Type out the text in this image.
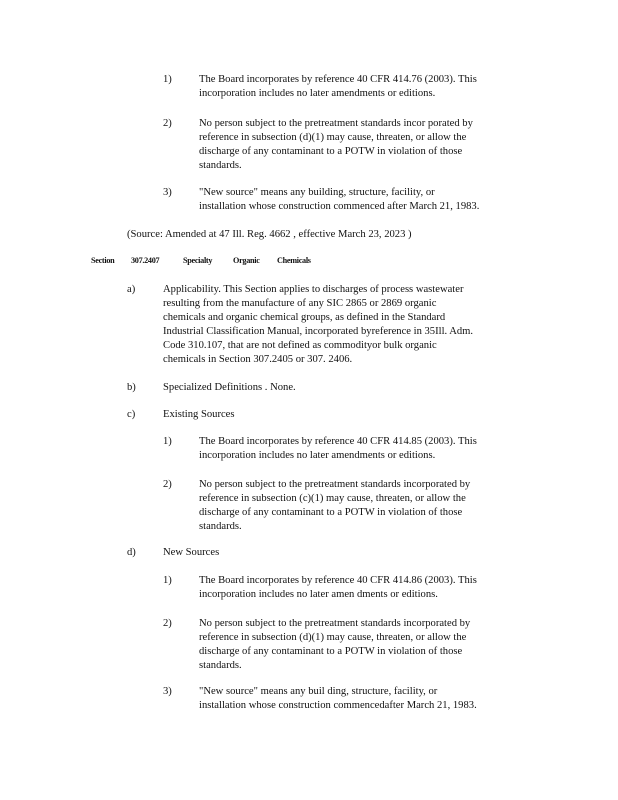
1)	The Board incorporates by reference 40 CFR 414.76 (2003). This
incorporation includes no later amendments or editions.
2)	No person subject to the pretreatment standards incor porated by
reference in subsection (d)(1) may cause, threaten, or allow the
discharge of any contaminant to a POTW in violation of those
standards.
3)	"New source" means any building, structure, facility, or
installation whose construction commenced after March 21, 1983.
(Source: Amended at 47 Ill. Reg. 4662 , effective March 23, 2023 )
Section 307.2407	Specialty	Organic Chemicals
a)	Applicability. This Section applies to discharges of process wastewater
resulting from the manufacture of any SIC 2865 or 2869 organic
chemicals and organic chemical groups, as defined in the Standard
Industrial Classification Manual, incorporated byreference in 35Ill. Adm.
Code 310.107, that are not defined as commodityor bulk organic
chemicals in Section 307.2405 or 307. 2406.
b)	Specialized Definitions . None.
c)	Existing Sources
1)	The Board incorporates by reference 40 CFR 414.85 (2003). This
incorporation includes no later amendments or editions.
2)	No person subject to the pretreatment standards incorporated by
reference in subsection (c)(1) may cause, threaten, or allow the
discharge of any contaminant to a POTW in violation of those
standards.
d)	New Sources
1)	The Board incorporates by reference 40 CFR 414.86 (2003). This
incorporation includes no later amen dments or editions.
2)	No person subject to the pretreatment standards incorporated by
reference in subsection (d)(1) may cause, threaten, or allow the
discharge of any contaminant to a POTW in violation of those
standards.
3)	"New source" means any buil ding, structure, facility, or
installation whose construction commencedafter March 21, 1983.
